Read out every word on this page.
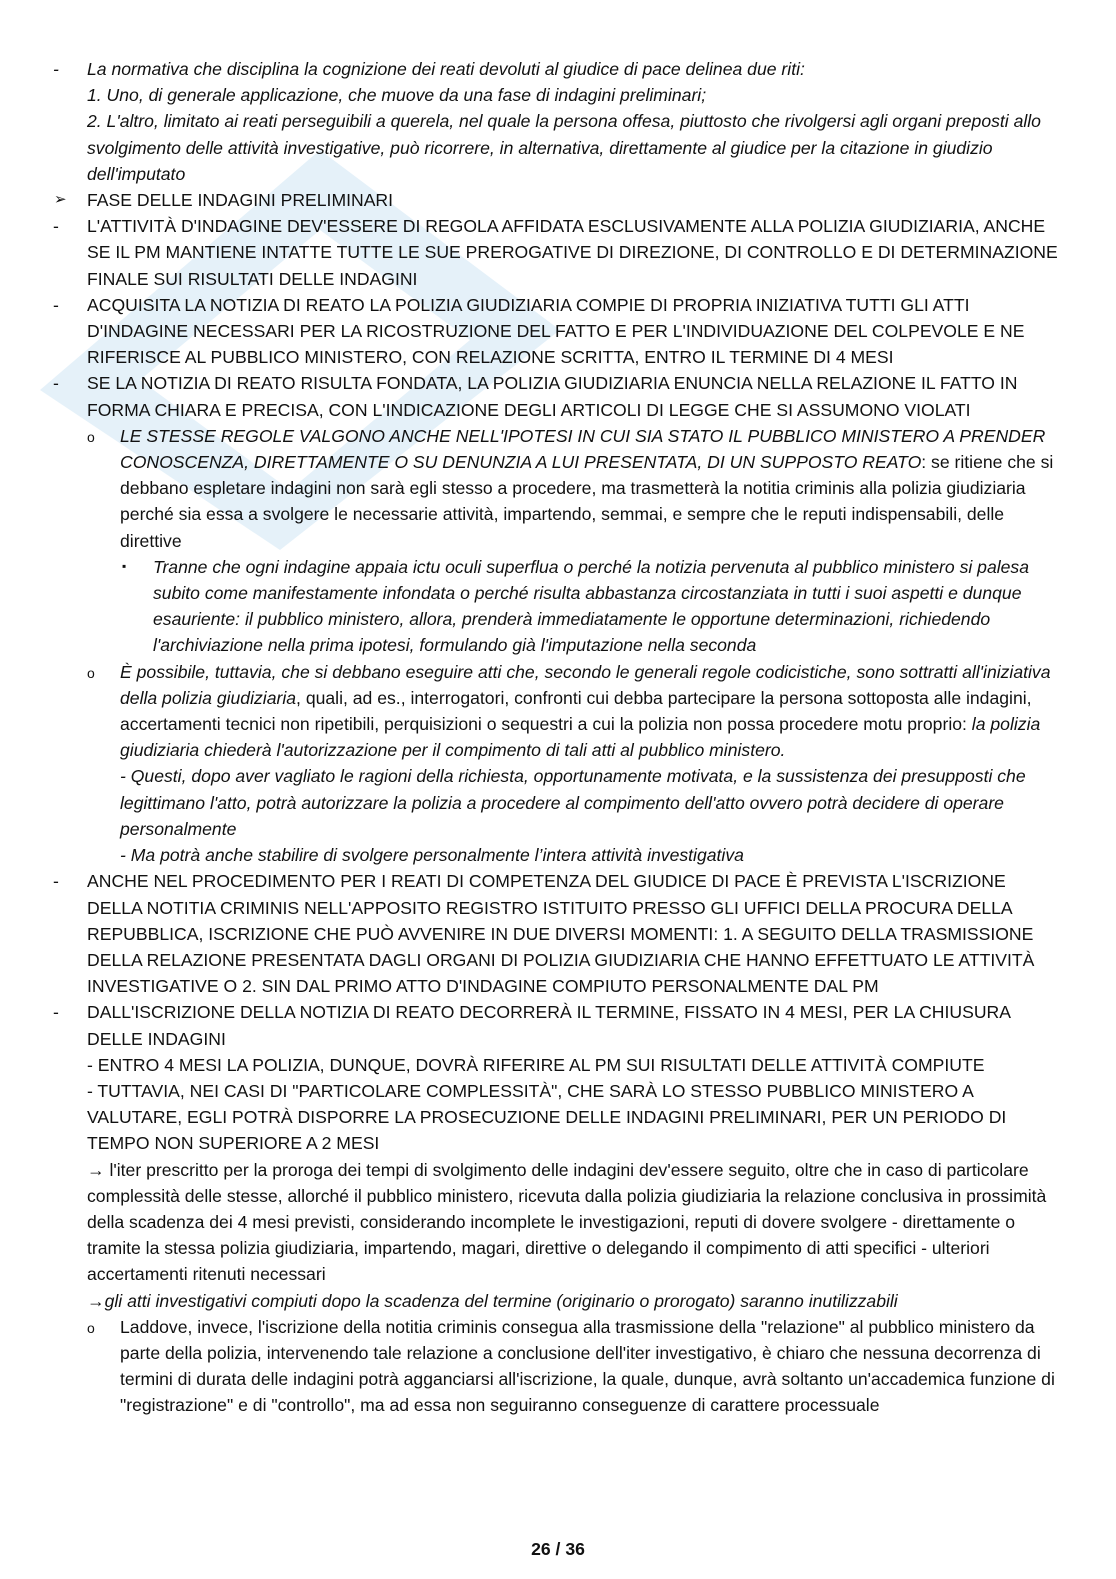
- La normativa che disciplina la cognizione dei reati devoluti al giudice di pace delinea due riti:

1. Uno, di generale applicazione, che muove da una fase di indagini preliminari;

2. L'altro, limitato ai reati perseguibili a querela, nel quale la persona offesa, piuttosto che rivolgersi agli organi preposti allo svolgimento delle attività investigative, può ricorrere, in alternativa, direttamente al giudice per la citazione in giudizio dell'imputato

➢ FASE DELLE INDAGINI PRELIMINARI

- L'ATTIVITÀ D'INDAGINE DEV'ESSERE DI REGOLA AFFIDATA ESCLUSIVAMENTE ALLA POLIZIA GIUDIZIARIA, ANCHE SE IL PM MANTIENE INTATTE TUTTE LE SUE PREROGATIVE DI DIREZIONE, DI CONTROLLO E DI DETERMINAZIONE FINALE SUI RISULTATI DELLE INDAGINI

- ACQUISITA LA NOTIZIA DI REATO LA POLIZIA GIUDIZIARIA COMPIE DI PROPRIA INIZIATIVA TUTTI GLI ATTI D'INDAGINE NECESSARI PER LA RICOSTRUZIONE DEL FATTO E PER L'INDIVIDUAZIONE DEL COLPEVOLE E NE RIFERISCE AL PUBBLICO MINISTERO, CON RELAZIONE SCRITTA, ENTRO IL TERMINE DI 4 MESI

- SE LA NOTIZIA DI REATO RISULTA FONDATA, LA POLIZIA GIUDIZIARIA ENUNCIA NELLA RELAZIONE IL FATTO IN FORMA CHIARA E PRECISA, CON L'INDICAZIONE DEGLI ARTICOLI DI LEGGE CHE SI ASSUMONO VIOLATI

o LE STESSE REGOLE VALGONO ANCHE NELL'IPOTESI IN CUI SIA STATO IL PUBBLICO MINISTERO A PRENDER CONOSCENZA, DIRETTAMENTE O SU DENUNZIA A LUI PRESENTATA, DI UN SUPPOSTO REATO: se ritiene che si debbano espletare indagini non sarà egli stesso a procedere, ma trasmetterà la notitia criminis alla polizia giudiziaria perché sia essa a svolgere le necessarie attività, impartendo, semmai, e sempre che le reputi indispensabili, delle direttive

▪ Tranne che ogni indagine appaia ictu oculi superflua o perché la notizia pervenuta al pubblico ministero si palesa subito come manifestamente infondata o perché risulta abbastanza circostanziata in tutti i suoi aspetti e dunque esauriente: il pubblico ministero, allora, prenderà immediatamente le opportune determinazioni, richiedendo l'archiviazione nella prima ipotesi, formulando già l'imputazione nella seconda

o È possibile, tuttavia, che si debbano eseguire atti che, secondo le generali regole codicistiche, sono sottratti all'iniziativa della polizia giudiziaria, quali, ad es., interrogatori, confronti cui debba partecipare la persona sottoposta alle indagini, accertamenti tecnici non ripetibili, perquisizioni o sequestri a cui la polizia non possa procedere motu proprio: la polizia giudiziaria chiederà l'autorizzazione per il compimento di tali atti al pubblico ministero.

- Questi, dopo aver vagliato le ragioni della richiesta, opportunamente motivata, e la sussistenza dei presupposti che legittimano l'atto, potrà autorizzare la polizia a procedere al compimento dell'atto ovvero potrà decidere di operare personalmente

- Ma potrà anche stabilire di svolgere personalmente l’intera attività investigativa

- ANCHE NEL PROCEDIMENTO PER I REATI DI COMPETENZA DEL GIUDICE DI PACE È PREVISTA L'ISCRIZIONE DELLA NOTITIA CRIMINIS NELL'APPOSITO REGISTRO ISTITUITO PRESSO GLI UFFICI DELLA PROCURA DELLA REPUBBLICA, ISCRIZIONE CHE PUÒ AVVENIRE IN DUE DIVERSI MOMENTI: 1. A SEGUITO DELLA TRASMISSIONE DELLA RELAZIONE PRESENTATA DAGLI ORGANI DI POLIZIA GIUDIZIARIA CHE HANNO EFFETTUATO LE ATTIVITÀ INVESTIGATIVE O 2. SIN DAL PRIMO ATTO D'INDAGINE COMPIUTO PERSONALMENTE DAL PM

- DALL'ISCRIZIONE DELLA NOTIZIA DI REATO DECORRERÀ IL TERMINE, FISSATO IN 4 MESI, PER LA CHIUSURA DELLE INDAGINI

- ENTRO 4 MESI LA POLIZIA, DUNQUE, DOVRÀ RIFERIRE AL PM SUI RISULTATI DELLE ATTIVITÀ COMPIUTE

- TUTTAVIA, NEI CASI DI "PARTICOLARE COMPLESSITÀ", CHE SARÀ LO STESSO PUBBLICO MINISTERO A VALUTARE, EGLI POTRÀ DISPORRE LA PROSECUZIONE DELLE INDAGINI PRELIMINARI, PER UN PERIODO DI TEMPO NON SUPERIORE A 2 MESI

→ l'iter prescritto per la proroga dei tempi di svolgimento delle indagini dev'essere seguito, oltre che in caso di particolare complessità delle stesse, allorché il pubblico ministero, ricevuta dalla polizia giudiziaria la relazione conclusiva in prossimità della scadenza dei 4 mesi previsti, considerando incomplete le investigazioni, reputi di dovere svolgere - direttamente o tramite la stessa polizia giudiziaria, impartendo, magari, direttive o delegando il compimento di atti specifici - ulteriori accertamenti ritenuti necessari

→gli atti investigativi compiuti dopo la scadenza del termine (originario o prorogato) saranno inutilizzabili

o Laddove, invece, l'iscrizione della notitia criminis consegua alla trasmissione della "relazione" al pubblico ministero da parte della polizia, intervenendo tale relazione a conclusione dell'iter investigativo, è chiaro che nessuna decorrenza di termini di durata delle indagini potrà agganciarsi all'iscrizione, la quale, dunque, avrà soltanto un'accademica funzione di "registrazione" e di "controllo", ma ad essa non seguiranno conseguenze di carattere processuale

26 / 36
